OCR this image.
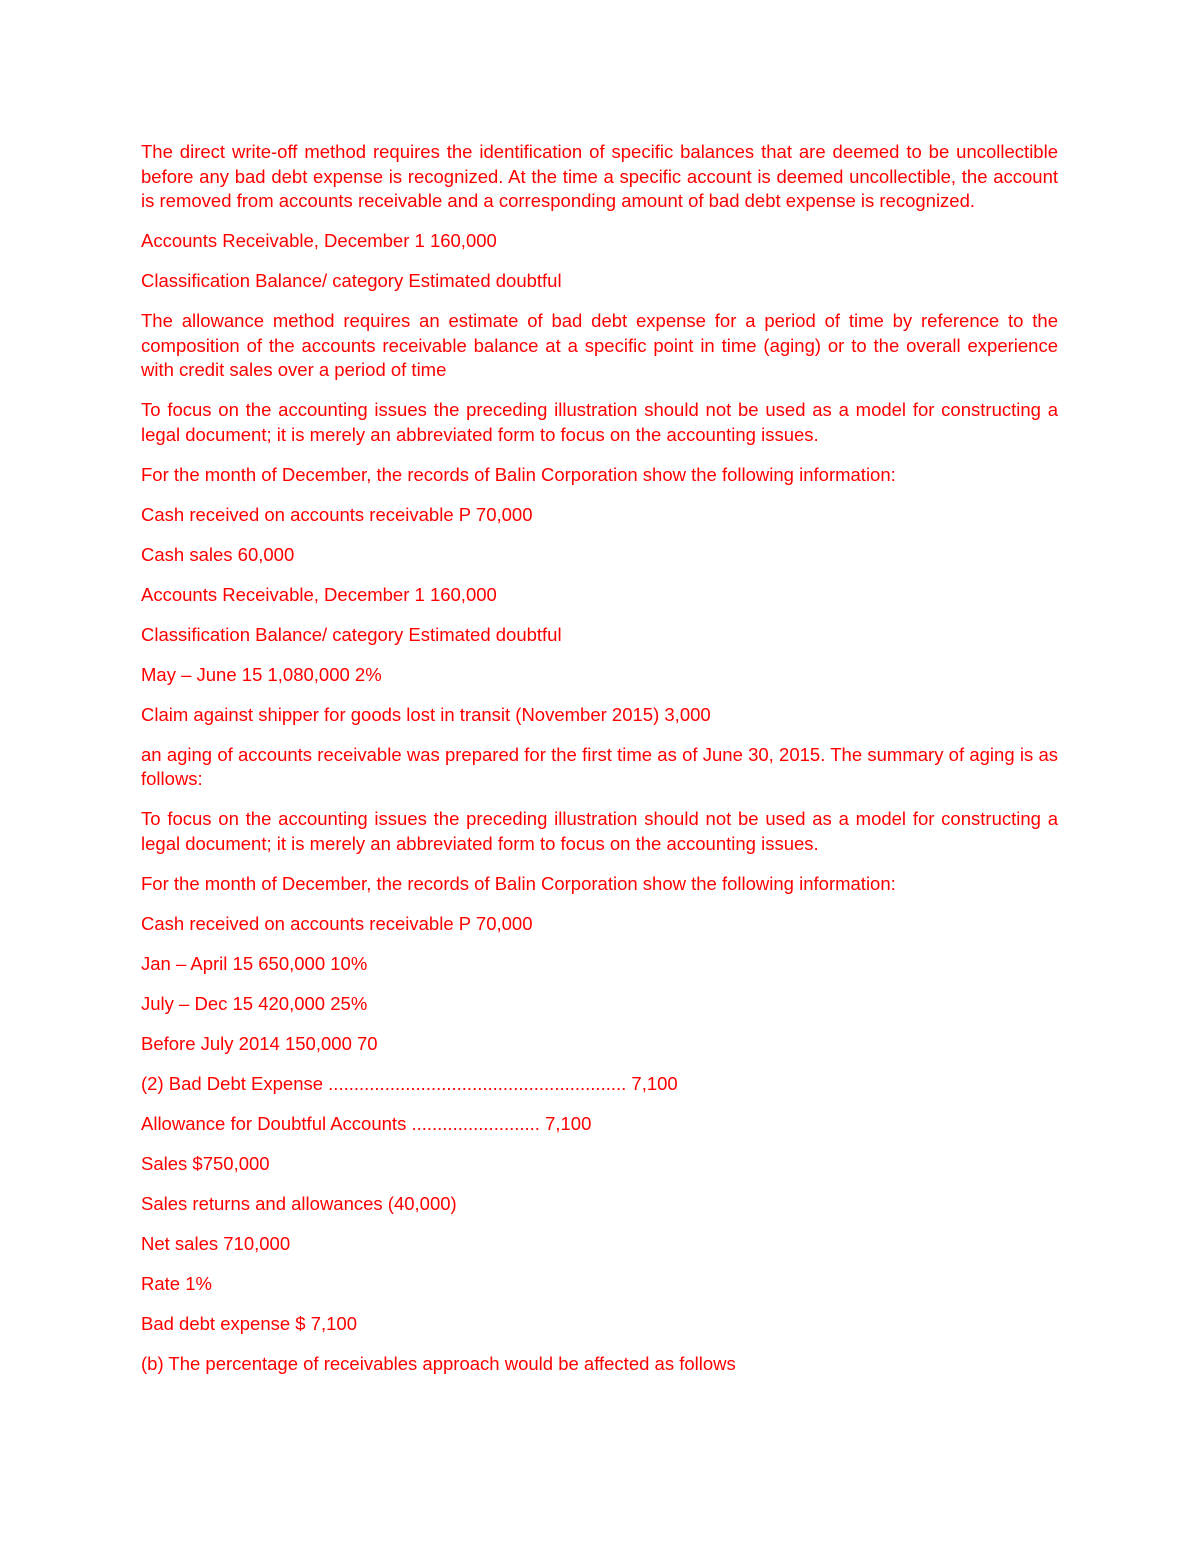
The direct write-off method requires the identification of specific balances that are deemed to be uncollectible before any bad debt expense is recognized. At the time a specific account is deemed uncollectible, the account is removed from accounts receivable and a corresponding amount of bad debt expense is recognized.

Accounts Receivable, December 1 160,000

Classification Balance/ category Estimated doubtful

The allowance method requires an estimate of bad debt expense for a period of time by reference to the composition of the accounts receivable balance at a specific point in time (aging) or to the overall experience with credit sales over a period of time

To focus on the accounting issues the preceding illustration should not be used as a model for constructing a legal document; it is merely an abbreviated form to focus on the accounting issues.

For the month of December, the records of Balin Corporation show the following information:

Cash received on accounts receivable P 70,000

Cash sales 60,000

Accounts Receivable, December 1 160,000

Classification Balance/ category Estimated doubtful

May – June 15 1,080,000 2%

Claim against shipper for goods lost in transit (November 2015) 3,000

an aging of accounts receivable was prepared for the first time as of June 30, 2015. The summary of aging is as follows:

To focus on the accounting issues the preceding illustration should not be used as a model for constructing a legal document; it is merely an abbreviated form to focus on the accounting issues.

For the month of December, the records of Balin Corporation show the following information:

Cash received on accounts receivable P 70,000

Jan – April 15 650,000 10%

July – Dec 15 420,000 25%

Before July 2014 150,000 70

(2) Bad Debt Expense .......................................................... 7,100

Allowance for Doubtful Accounts ......................... 7,100

Sales $750,000

Sales returns and allowances (40,000)

Net sales 710,000

Rate 1%

Bad debt expense $ 7,100

(b) The percentage of receivables approach would be affected as follows
